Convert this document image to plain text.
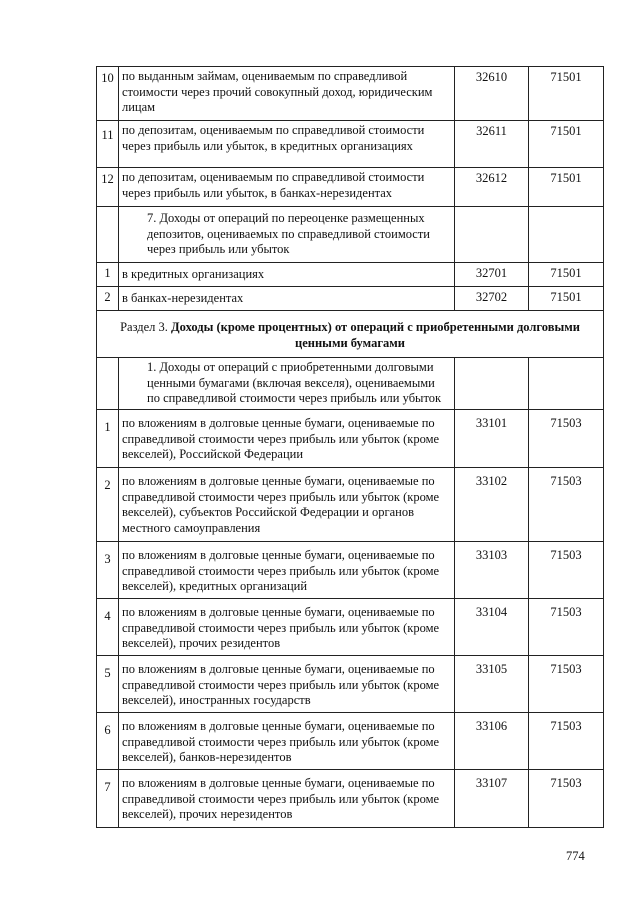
10	по выданным займам, оцениваемым по справедливой стоимости через прочий совокупный доход, юридическим лицам	32610	71501
11	по депозитам, оцениваемым по справедливой стоимости через прибыль или убыток, в кредитных организациях	32611	71501
12	по депозитам, оцениваемым по справедливой стоимости через прибыль или убыток, в банках-нерезидентах	32612	71501
	7. Доходы от операций по переоценке размещенных депозитов, оцениваемых по справедливой стоимости через прибыль или убыток		
1	в кредитных организациях	32701	71501
2	в банках-нерезидентах	32702	71501
Раздел 3. Доходы (кроме процентных) от операций с приобретенными долговыми ценными бумагами			
	1. Доходы от операций с приобретенными долговыми ценными бумагами (включая векселя), оцениваемыми по справедливой стоимости через прибыль или убыток		
1	по вложениям в долговые ценные бумаги, оцениваемые по справедливой стоимости через прибыль или убыток (кроме векселей), Российской Федерации	33101	71503
2	по вложениям в долговые ценные бумаги, оцениваемые по справедливой стоимости через прибыль или убыток (кроме векселей), субъектов Российской Федерации и органов местного самоуправления	33102	71503
3	по вложениям в долговые ценные бумаги, оцениваемые по справедливой стоимости через прибыль или убыток (кроме векселей), кредитных организаций	33103	71503
4	по вложениям в долговые ценные бумаги, оцениваемые по справедливой стоимости через прибыль или убыток (кроме векселей), прочих резидентов	33104	71503
5	по вложениям в долговые ценные бумаги, оцениваемые по справедливой стоимости через прибыль или убыток (кроме векселей), иностранных государств	33105	71503
6	по вложениям в долговые ценные бумаги, оцениваемые по справедливой стоимости через прибыль или убыток (кроме векселей), банков-нерезидентов	33106	71503
7	по вложениям в долговые ценные бумаги, оцениваемые по справедливой стоимости через прибыль или убыток (кроме векселей), прочих нерезидентов	33107	71503
774
